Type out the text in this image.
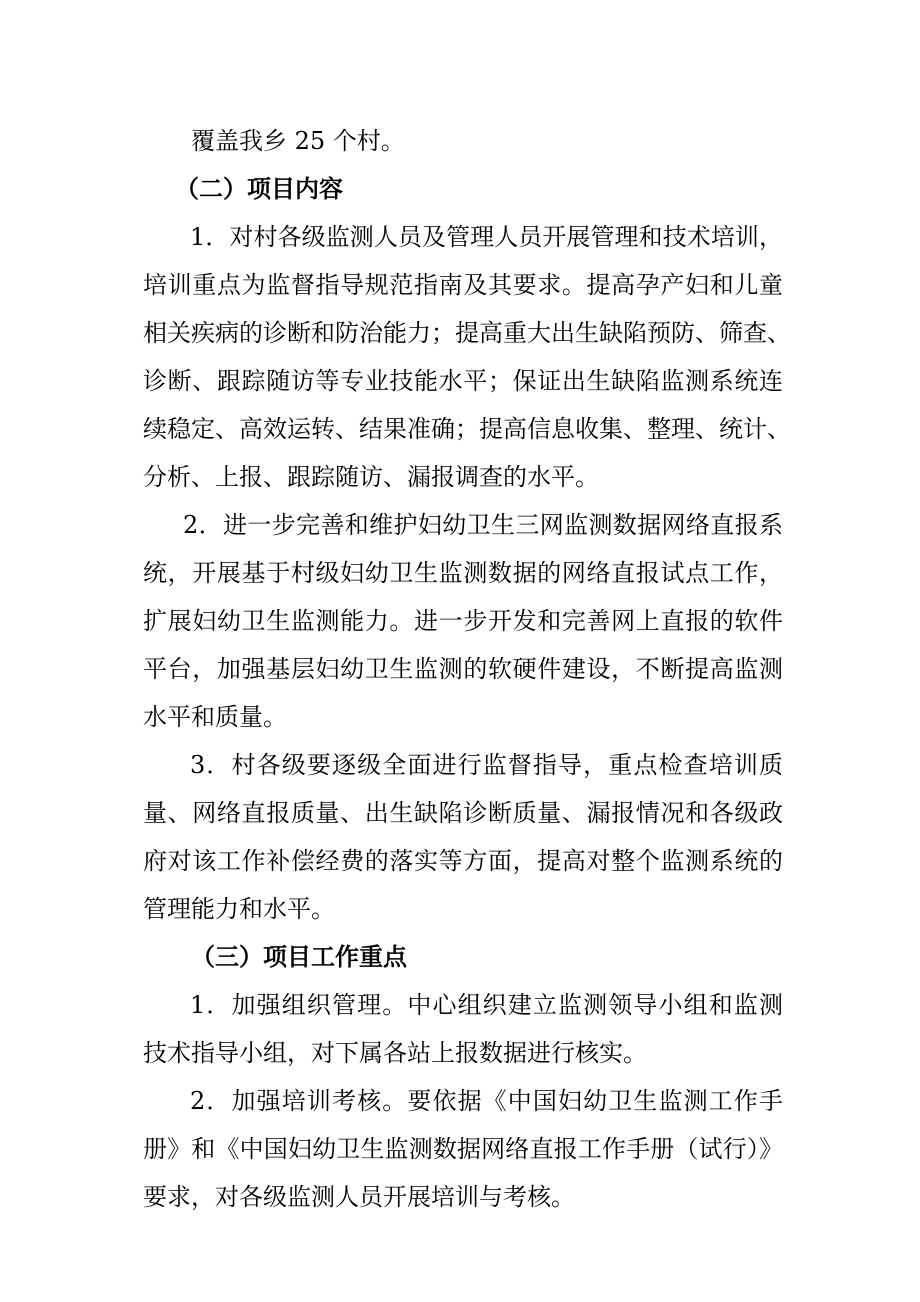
覆盖我乡 25 个村。
（二）项目内容
1．对村各级监测人员及管理人员开展管理和技术培训，
培训重点为监督指导规范指南及其要求。提高孕产妇和儿童
相关疾病的诊断和防治能力；提高重大出生缺陷预防、筛查、
诊断、跟踪随访等专业技能水平；保证出生缺陷监测系统连
续稳定、高效运转、结果准确；提高信息收集、整理、统计、
分析、上报、跟踪随访、漏报调查的水平。
2．进一步完善和维护妇幼卫生三网监测数据网络直报系
统，开展基于村级妇幼卫生监测数据的网络直报试点工作，
扩展妇幼卫生监测能力。进一步开发和完善网上直报的软件
平台，加强基层妇幼卫生监测的软硬件建设，不断提高监测
水平和质量。
3．村各级要逐级全面进行监督指导，重点检查培训质
量、网络直报质量、出生缺陷诊断质量、漏报情况和各级政
府对该工作补偿经费的落实等方面，提高对整个监测系统的
管理能力和水平。
（三）项目工作重点
1．加强组织管理。中心组织建立监测领导小组和监测
技术指导小组，对下属各站上报数据进行核实。
2．加强培训考核。要依据《中国妇幼卫生监测工作手
册》和《中国妇幼卫生监测数据网络直报工作手册（试行）》
要求，对各级监测人员开展培训与考核。
